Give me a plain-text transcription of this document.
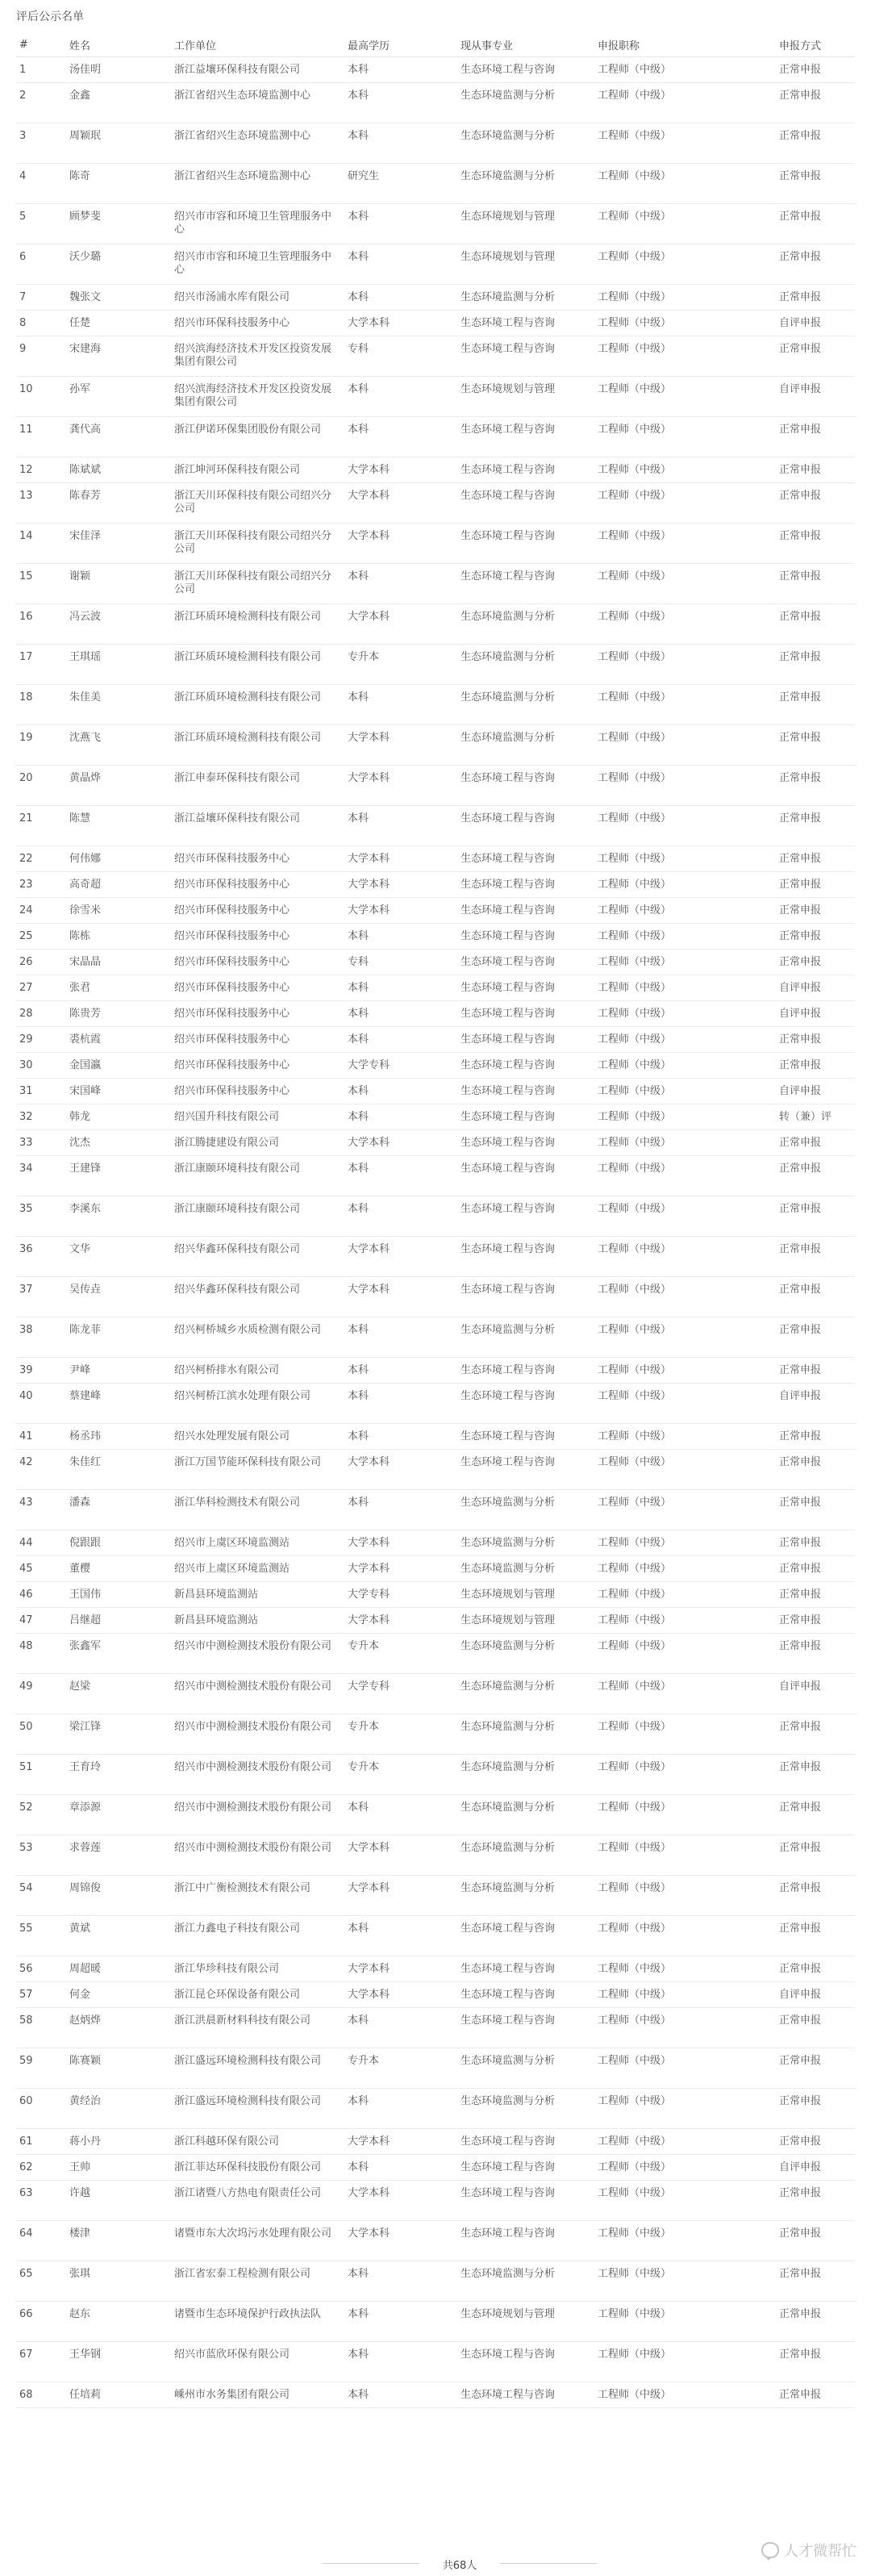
评后公示名单
#	姓名	工作单位	最高学历	现从事专业	申报职称	申报方式
1	汤佳明	浙江益壤环保科技有限公司	本科	生态环境工程与咨询	工程师（中级）	正常申报
2	金鑫	浙江省绍兴生态环境监测中心	本科	生态环境监测与分析	工程师（中级）	正常申报
3	周颖珉	浙江省绍兴生态环境监测中心	本科	生态环境监测与分析	工程师（中级）	正常申报
4	陈奇	浙江省绍兴生态环境监测中心	研究生	生态环境监测与分析	工程师（中级）	正常申报
5	顾梦斐	绍兴市市容和环境卫生管理服务中心	本科	生态环境规划与管理	工程师（中级）	正常申报
6	沃少璐	绍兴市市容和环境卫生管理服务中心	本科	生态环境规划与管理	工程师（中级）	正常申报
7	魏张文	绍兴市汤浦水库有限公司	本科	生态环境监测与分析	工程师（中级）	正常申报
8	任楚	绍兴市环保科技服务中心	大学本科	生态环境工程与咨询	工程师（中级）	自评申报
9	宋建海	绍兴滨海经济技术开发区投资发展集团有限公司	专科	生态环境工程与咨询	工程师（中级）	正常申报
10	孙军	绍兴滨海经济技术开发区投资发展集团有限公司	本科	生态环境规划与管理	工程师（中级）	自评申报
11	龚代高	浙江伊诺环保集团股份有限公司	本科	生态环境工程与咨询	工程师（中级）	正常申报
12	陈斌斌	浙江坤河环保科技有限公司	大学本科	生态环境工程与咨询	工程师（中级）	正常申报
13	陈春芳	浙江天川环保科技有限公司绍兴分公司	大学本科	生态环境工程与咨询	工程师（中级）	正常申报
14	宋佳泽	浙江天川环保科技有限公司绍兴分公司	大学本科	生态环境工程与咨询	工程师（中级）	正常申报
15	谢颖	浙江天川环保科技有限公司绍兴分公司	本科	生态环境工程与咨询	工程师（中级）	正常申报
16	冯云波	浙江环质环境检测科技有限公司	大学本科	生态环境监测与分析	工程师（中级）	正常申报
17	王琪瑶	浙江环质环境检测科技有限公司	专升本	生态环境监测与分析	工程师（中级）	正常申报
18	朱佳美	浙江环质环境检测科技有限公司	本科	生态环境监测与分析	工程师（中级）	正常申报
19	沈燕飞	浙江环质环境检测科技有限公司	大学本科	生态环境监测与分析	工程师（中级）	正常申报
20	黄晶烨	浙江申泰环保科技有限公司	大学本科	生态环境工程与咨询	工程师（中级）	正常申报
21	陈慧	浙江益壤环保科技有限公司	本科	生态环境工程与咨询	工程师（中级）	正常申报
22	何伟娜	绍兴市环保科技服务中心	大学本科	生态环境工程与咨询	工程师（中级）	正常申报
23	高奇超	绍兴市环保科技服务中心	大学本科	生态环境工程与咨询	工程师（中级）	正常申报
24	徐雪米	绍兴市环保科技服务中心	大学本科	生态环境工程与咨询	工程师（中级）	正常申报
25	陈栋	绍兴市环保科技服务中心	本科	生态环境工程与咨询	工程师（中级）	正常申报
26	宋晶晶	绍兴市环保科技服务中心	专科	生态环境工程与咨询	工程师（中级）	正常申报
27	张君	绍兴市环保科技服务中心	本科	生态环境工程与咨询	工程师（中级）	自评申报
28	陈贵芳	绍兴市环保科技服务中心	本科	生态环境工程与咨询	工程师（中级）	自评申报
29	裘杭霞	绍兴市环保科技服务中心	本科	生态环境工程与咨询	工程师（中级）	正常申报
30	金国瀛	绍兴市环保科技服务中心	大学专科	生态环境工程与咨询	工程师（中级）	正常申报
31	宋国峰	绍兴市环保科技服务中心	本科	生态环境工程与咨询	工程师（中级）	自评申报
32	韩龙	绍兴国升科技有限公司	本科	生态环境工程与咨询	工程师（中级）	转（兼）评
33	沈杰	浙江腾捷建设有限公司	大学本科	生态环境工程与咨询	工程师（中级）	正常申报
34	王建锋	浙江康颐环境科技有限公司	本科	生态环境工程与咨询	工程师（中级）	正常申报
35	李溪东	浙江康颐环境科技有限公司	本科	生态环境工程与咨询	工程师（中级）	正常申报
36	文华	绍兴华鑫环保科技有限公司	大学本科	生态环境工程与咨询	工程师（中级）	正常申报
37	吴传垚	绍兴华鑫环保科技有限公司	大学本科	生态环境工程与咨询	工程师（中级）	正常申报
38	陈龙菲	绍兴柯桥城乡水质检测有限公司	本科	生态环境监测与分析	工程师（中级）	正常申报
39	尹峰	绍兴柯桥排水有限公司	本科	生态环境工程与咨询	工程师（中级）	正常申报
40	蔡建峰	绍兴柯桥江滨水处理有限公司	本科	生态环境工程与咨询	工程师（中级）	自评申报
41	杨丞玮	绍兴水处理发展有限公司	本科	生态环境工程与咨询	工程师（中级）	正常申报
42	朱佳红	浙江万国节能环保科技有限公司	大学本科	生态环境工程与咨询	工程师（中级）	正常申报
43	潘森	浙江华科检测技术有限公司	本科	生态环境监测与分析	工程师（中级）	正常申报
44	倪跟跟	绍兴市上虞区环境监测站	大学本科	生态环境监测与分析	工程师（中级）	正常申报
45	董樱	绍兴市上虞区环境监测站	大学本科	生态环境监测与分析	工程师（中级）	正常申报
46	王国伟	新昌县环境监测站	大学专科	生态环境规划与管理	工程师（中级）	正常申报
47	吕继超	新昌县环境监测站	大学本科	生态环境规划与管理	工程师（中级）	正常申报
48	张鑫军	绍兴市中测检测技术股份有限公司	专升本	生态环境监测与分析	工程师（中级）	正常申报
49	赵梁	绍兴市中测检测技术股份有限公司	大学专科	生态环境监测与分析	工程师（中级）	自评申报
50	梁江锋	绍兴市中测检测技术股份有限公司	专升本	生态环境监测与分析	工程师（中级）	正常申报
51	王育玲	绍兴市中测检测技术股份有限公司	专升本	生态环境监测与分析	工程师（中级）	正常申报
52	章添源	绍兴市中测检测技术股份有限公司	本科	生态环境监测与分析	工程师（中级）	正常申报
53	求蓉莲	绍兴市中测检测技术股份有限公司	大学本科	生态环境监测与分析	工程师（中级）	正常申报
54	周锦俊	浙江中广衡检测技术有限公司	大学本科	生态环境监测与分析	工程师（中级）	正常申报
55	黄斌	浙江力鑫电子科技有限公司	本科	生态环境工程与咨询	工程师（中级）	正常申报
56	周超暖	浙江华珍科技有限公司	大学本科	生态环境工程与咨询	工程师（中级）	正常申报
57	何金	浙江昆仑环保设备有限公司	大学本科	生态环境工程与咨询	工程师（中级）	自评申报
58	赵炳烨	浙江洪晨新材料科技有限公司	本科	生态环境工程与咨询	工程师（中级）	正常申报
59	陈赛颖	浙江盛远环境检测科技有限公司	专升本	生态环境监测与分析	工程师（中级）	正常申报
60	黄经治	浙江盛远环境检测科技有限公司	本科	生态环境监测与分析	工程师（中级）	正常申报
61	蒋小丹	浙江科越环保有限公司	大学本科	生态环境工程与咨询	工程师（中级）	正常申报
62	王帅	浙江菲达环保科技股份有限公司	本科	生态环境工程与咨询	工程师（中级）	自评申报
63	许越	浙江诸暨八方热电有限责任公司	大学本科	生态环境工程与咨询	工程师（中级）	正常申报
64	楼津	诸暨市东大次坞污水处理有限公司	大学本科	生态环境工程与咨询	工程师（中级）	正常申报
65	张琪	浙江省宏泰工程检测有限公司	本科	生态环境监测与分析	工程师（中级）	正常申报
66	赵东	诸暨市生态环境保护行政执法队	本科	生态环境规划与管理	工程师（中级）	正常申报
67	王华钢	绍兴市蓝欣环保有限公司	本科	生态环境工程与咨询	工程师（中级）	正常申报
68	任培莉	嵊州市水务集团有限公司	本科	生态环境工程与咨询	工程师（中级）	正常申报
共68人
人才微帮忙
